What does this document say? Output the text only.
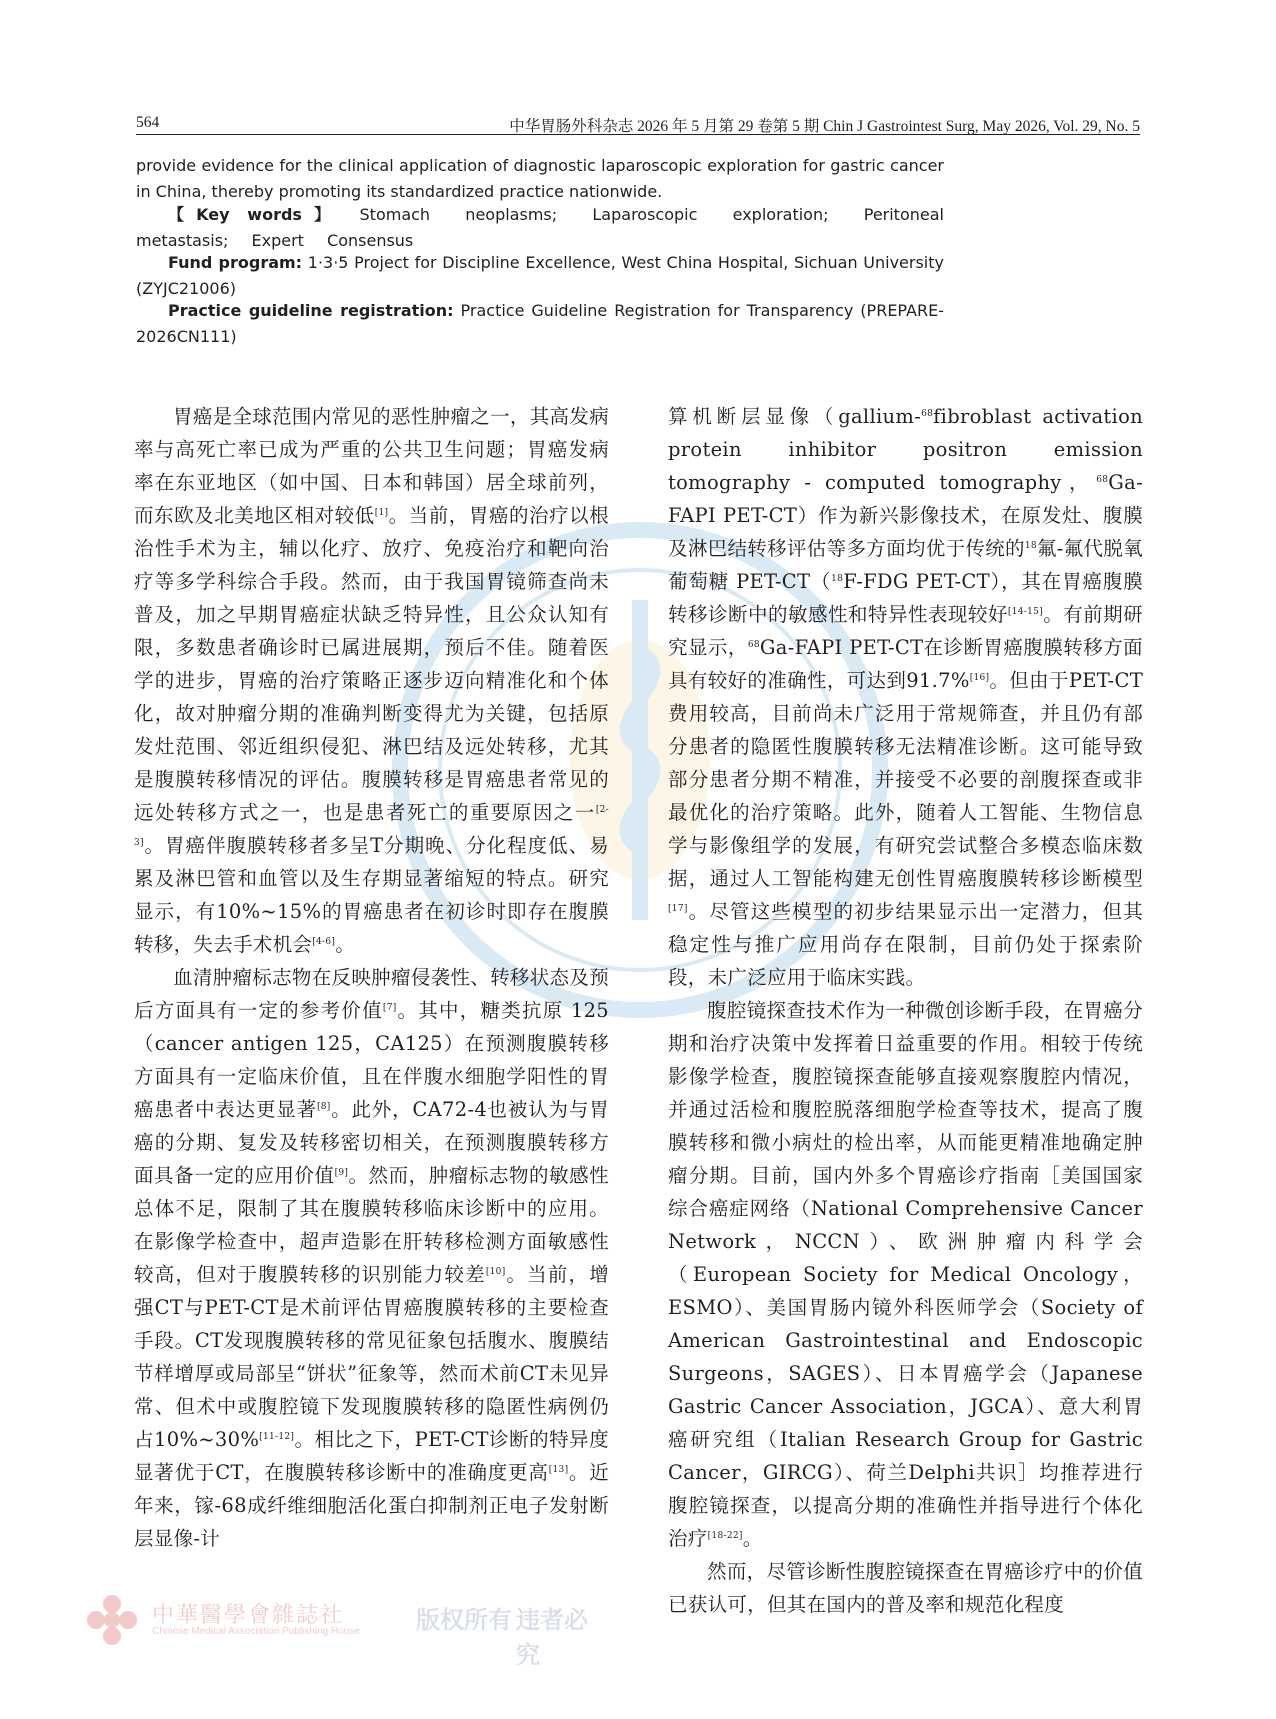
564	中华胃肠外科杂志 2026 年 5 月第 29 卷第 5 期 Chin J Gastrointest Surg, May 2026, Vol. 29, No. 5
provide evidence for the clinical application of diagnostic laparoscopic exploration for gastric cancer in China, thereby promoting its standardized practice nationwide.
【Key words】 Stomach neoplasms; Laparoscopic exploration; Peritoneal metastasis; Expert Consensus
Fund program: 1·3·5 Project for Discipline Excellence, West China Hospital, Sichuan University (ZYJC21006)
Practice guideline registration: Practice Guideline Registration for Transparency (PREPARE-2026CN111)

胃癌是全球范围内常见的恶性肿瘤之一，其高发病率与高死亡率已成为严重的公共卫生问题；胃癌发病率在东亚地区（如中国、日本和韩国）居全球前列，而东欧及北美地区相对较低[1]。当前，胃癌的治疗以根治性手术为主，辅以化疗、放疗、免疫治疗和靶向治疗等多学科综合手段。然而，由于我国胃镜筛查尚未普及，加之早期胃癌症状缺乏特异性，且公众认知有限，多数患者确诊时已属进展期，预后不佳。随着医学的进步，胃癌的治疗策略正逐步迈向精准化和个体化，故对肿瘤分期的准确判断变得尤为关键，包括原发灶范围、邻近组织侵犯、淋巴结及远处转移，尤其是腹膜转移情况的评估。腹膜转移是胃癌患者常见的远处转移方式之一，也是患者死亡的重要原因之一[2-3]。胃癌伴腹膜转移者多呈T分期晚、分化程度低、易累及淋巴管和血管以及生存期显著缩短的特点。研究显示，有10%~15%的胃癌患者在初诊时即存在腹膜转移，失去手术机会[4-6]。

血清肿瘤标志物在反映肿瘤侵袭性、转移状态及预后方面具有一定的参考价值[7]。其中，糖类抗原 125（cancer antigen 125，CA125）在预测腹膜转移方面具有一定临床价值，且在伴腹水细胞学阳性的胃癌患者中表达更显著[8]。此外，CA72-4也被认为与胃癌的分期、复发及转移密切相关，在预测腹膜转移方面具备一定的应用价值[9]。然而，肿瘤标志物的敏感性总体不足，限制了其在腹膜转移临床诊断中的应用。在影像学检查中，超声造影在肝转移检测方面敏感性较高，但对于腹膜转移的识别能力较差[10]。当前，增强CT与PET-CT是术前评估胃癌腹膜转移的主要检查手段。CT发现腹膜转移的常见征象包括腹水、腹膜结节样增厚或局部呈“饼状”征象等，然而术前CT未见异常、但术中或腹腔镜下发现腹膜转移的隐匿性病例仍占10%~30%[11-12]。相比之下，PET-CT诊断的特异度显著优于CT，在腹膜转移诊断中的准确度更高[13]。近年来，镓-68成纤维细胞活化蛋白抑制剂正电子发射断层显像-计

算机断层显像（gallium-$^{68}$fibroblast activation protein inhibitor positron emission tomography - computed tomography，$^{68}$Ga-FAPI PET-CT）作为新兴影像技术，在原发灶、腹膜及淋巴结转移评估等多方面均优于传统的$^{18}$氟-氟代脱氧葡萄糖 PET-CT（$^{18}$F-FDG PET-CT），其在胃癌腹膜转移诊断中的敏感性和特异性表现较好[14-15]。有前期研究显示，$^{68}$Ga-FAPI PET-CT在诊断胃癌腹膜转移方面具有较好的准确性，可达到91.7%[16]。但由于PET-CT费用较高，目前尚未广泛用于常规筛查，并且仍有部分患者的隐匿性腹膜转移无法精准诊断。这可能导致部分患者分期不精准，并接受不必要的剖腹探查或非最优化的治疗策略。此外，随着人工智能、生物信息学与影像组学的发展，有研究尝试整合多模态临床数据，通过人工智能构建无创性胃癌腹膜转移诊断模型[17]。尽管这些模型的初步结果显示出一定潜力，但其稳定性与推广应用尚存在限制，目前仍处于探索阶段，未广泛应用于临床实践。

腹腔镜探查技术作为一种微创诊断手段，在胃癌分期和治疗决策中发挥着日益重要的作用。相较于传统影像学检查，腹腔镜探查能够直接观察腹腔内情况，并通过活检和腹腔脱落细胞学检查等技术，提高了腹膜转移和微小病灶的检出率，从而能更精准地确定肿瘤分期。目前，国内外多个胃癌诊疗指南［美国国家综合癌症网络（National Comprehensive Cancer Network，NCCN）、欧洲肿瘤内科学会（European Society for Medical Oncology，ESMO）、美国胃肠内镜外科医师学会（Society of American Gastrointestinal and Endoscopic Surgeons，SAGES）、日本胃癌学会（Japanese Gastric Cancer Association，JGCA）、意大利胃癌研究组（Italian Research Group for Gastric Cancer，GIRCG）、荷兰Delphi共识］均推荐进行腹腔镜探查，以提高分期的准确性并指导进行个体化治疗[18-22]。

然而，尽管诊断性腹腔镜探查在胃癌诊疗中的价值已获认可，但其在国内的普及率和规范化程度

中華醫學會雜誌社
Chinese Medical Association Publishing House 版权所有 违者必究
